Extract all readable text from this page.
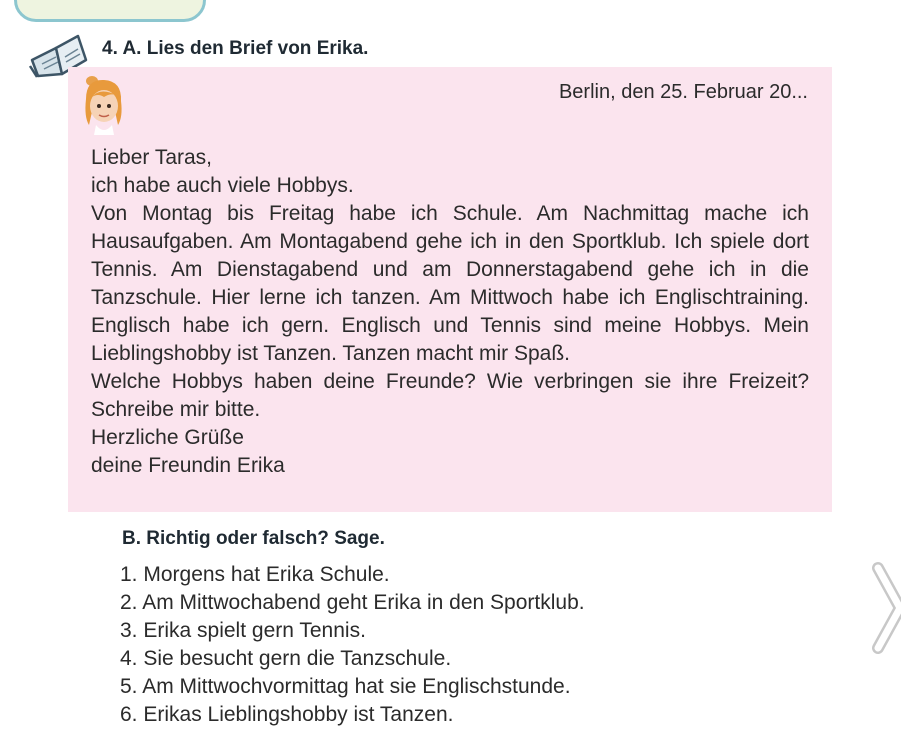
4. A. Lies den Brief von Erika.
Berlin, den 25. Februar 20...

Lieber Taras,

ich habe auch viele Hobbys.

Von Montag bis Freitag habe ich Schule. Am Nachmittag mache ich Hausaufgaben. Am Montagabend gehe ich in den Sportklub. Ich spiele dort Tennis. Am Dienstagabend und am Donnerstagabend gehe ich in die Tanzschule. Hier lerne ich tanzen. Am Mittwoch habe ich Englischtraining. Englisch habe ich gern. Englisch und Tennis sind meine Hobbys. Mein Lieblingshobby ist Tanzen. Tanzen macht mir Spaß.

Welche Hobbys haben deine Freunde? Wie verbringen sie ihre Freizeit? Schreibe mir bitte.

Herzliche Grüße

deine Freundin Erika

B. Richtig oder falsch? Sage.
1. Morgens hat Erika Schule.
2. Am Mittwochabend geht Erika in den Sportklub.
3. Erika spielt gern Tennis.
4. Sie besucht gern die Tanzschule.
5. Am Mittwochvormittag hat sie Englischstunde.
6. Erikas Lieblingshobby ist Tanzen.
